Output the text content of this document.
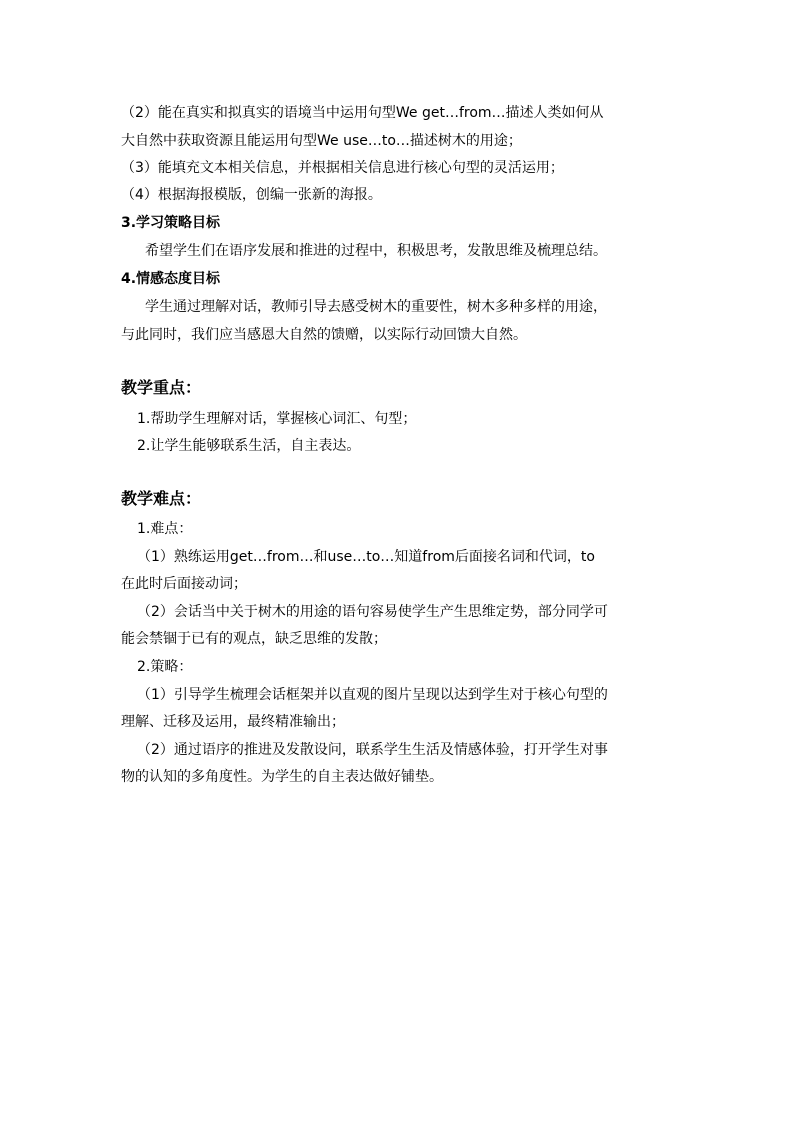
（2）能在真实和拟真实的语境当中运用句型We get…from…描述人类如何从
大自然中获取资源且能运用句型We use…to…描述树木的用途；
（3）能填充文本相关信息，并根据相关信息进行核心句型的灵活运用；
（4）根据海报模版，创编一张新的海报。
3.学习策略目标
希望学生们在语序发展和推进的过程中，积极思考，发散思维及梳理总结。
4.情感态度目标
学生通过理解对话，教师引导去感受树木的重要性，树木多种多样的用途，
与此同时，我们应当感恩大自然的馈赠，以实际行动回馈大自然。
教学重点：
1.帮助学生理解对话，掌握核心词汇、句型；
2.让学生能够联系生活，自主表达。
教学难点：
1.难点：
（1）熟练运用get…from…和use…to…知道from后面接名词和代词，to
在此时后面接动词；
（2）会话当中关于树木的用途的语句容易使学生产生思维定势，部分同学可
能会禁锢于已有的观点，缺乏思维的发散；
2.策略：
（1）引导学生梳理会话框架并以直观的图片呈现以达到学生对于核心句型的
理解、迁移及运用，最终精准输出；
（2）通过语序的推进及发散设问，联系学生生活及情感体验，打开学生对事
物的认知的多角度性。为学生的自主表达做好铺垫。
